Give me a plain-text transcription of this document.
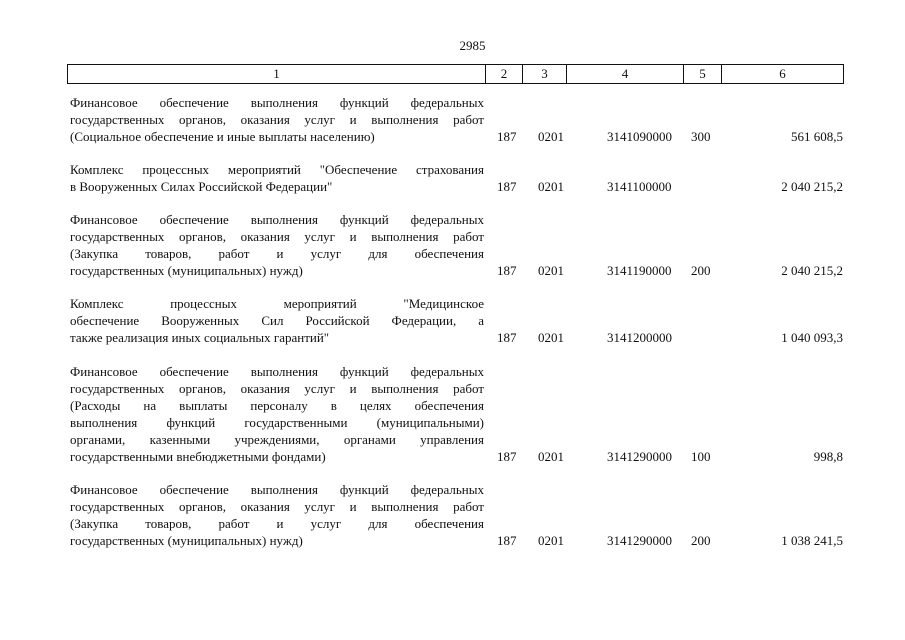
2985
1	2	3	4	5	6
Финансовое обеспечение выполнения функций федеральных
государственных органов, оказания услуг и выполнения работ
(Социальное обеспечение и иные выплаты населению)	187 0201	3141090000 300	561 608,5
Комплекс процессных мероприятий "Обеспечение страхования
в Вооруженных Силах Российской Федерации"	187 0201	3141100000	2 040 215,2
Финансовое обеспечение выполнения функций федеральных
государственных органов, оказания услуг и выполнения работ
(Закупка товаров, работ и услуг для обеспечения
государственных (муниципальных) нужд)	187 0201	3141190000 200	2 040 215,2
Комплекс процессных мероприятий "Медицинское
обеспечение Вооруженных Сил Российской Федерации, а
также реализация иных социальных гарантий"	187 0201	3141200000	1 040 093,3
Финансовое обеспечение выполнения функций федеральных
государственных органов, оказания услуг и выполнения работ
(Расходы на выплаты персоналу в целях обеспечения
выполнения функций государственными (муниципальными)
органами, казенными учреждениями, органами управления
государственными внебюджетными фондами)	187 0201	3141290000 100	998,8
Финансовое обеспечение выполнения функций федеральных
государственных органов, оказания услуг и выполнения работ
(Закупка товаров, работ и услуг для обеспечения
государственных (муниципальных) нужд)	187 0201	3141290000 200	1 038 241,5
